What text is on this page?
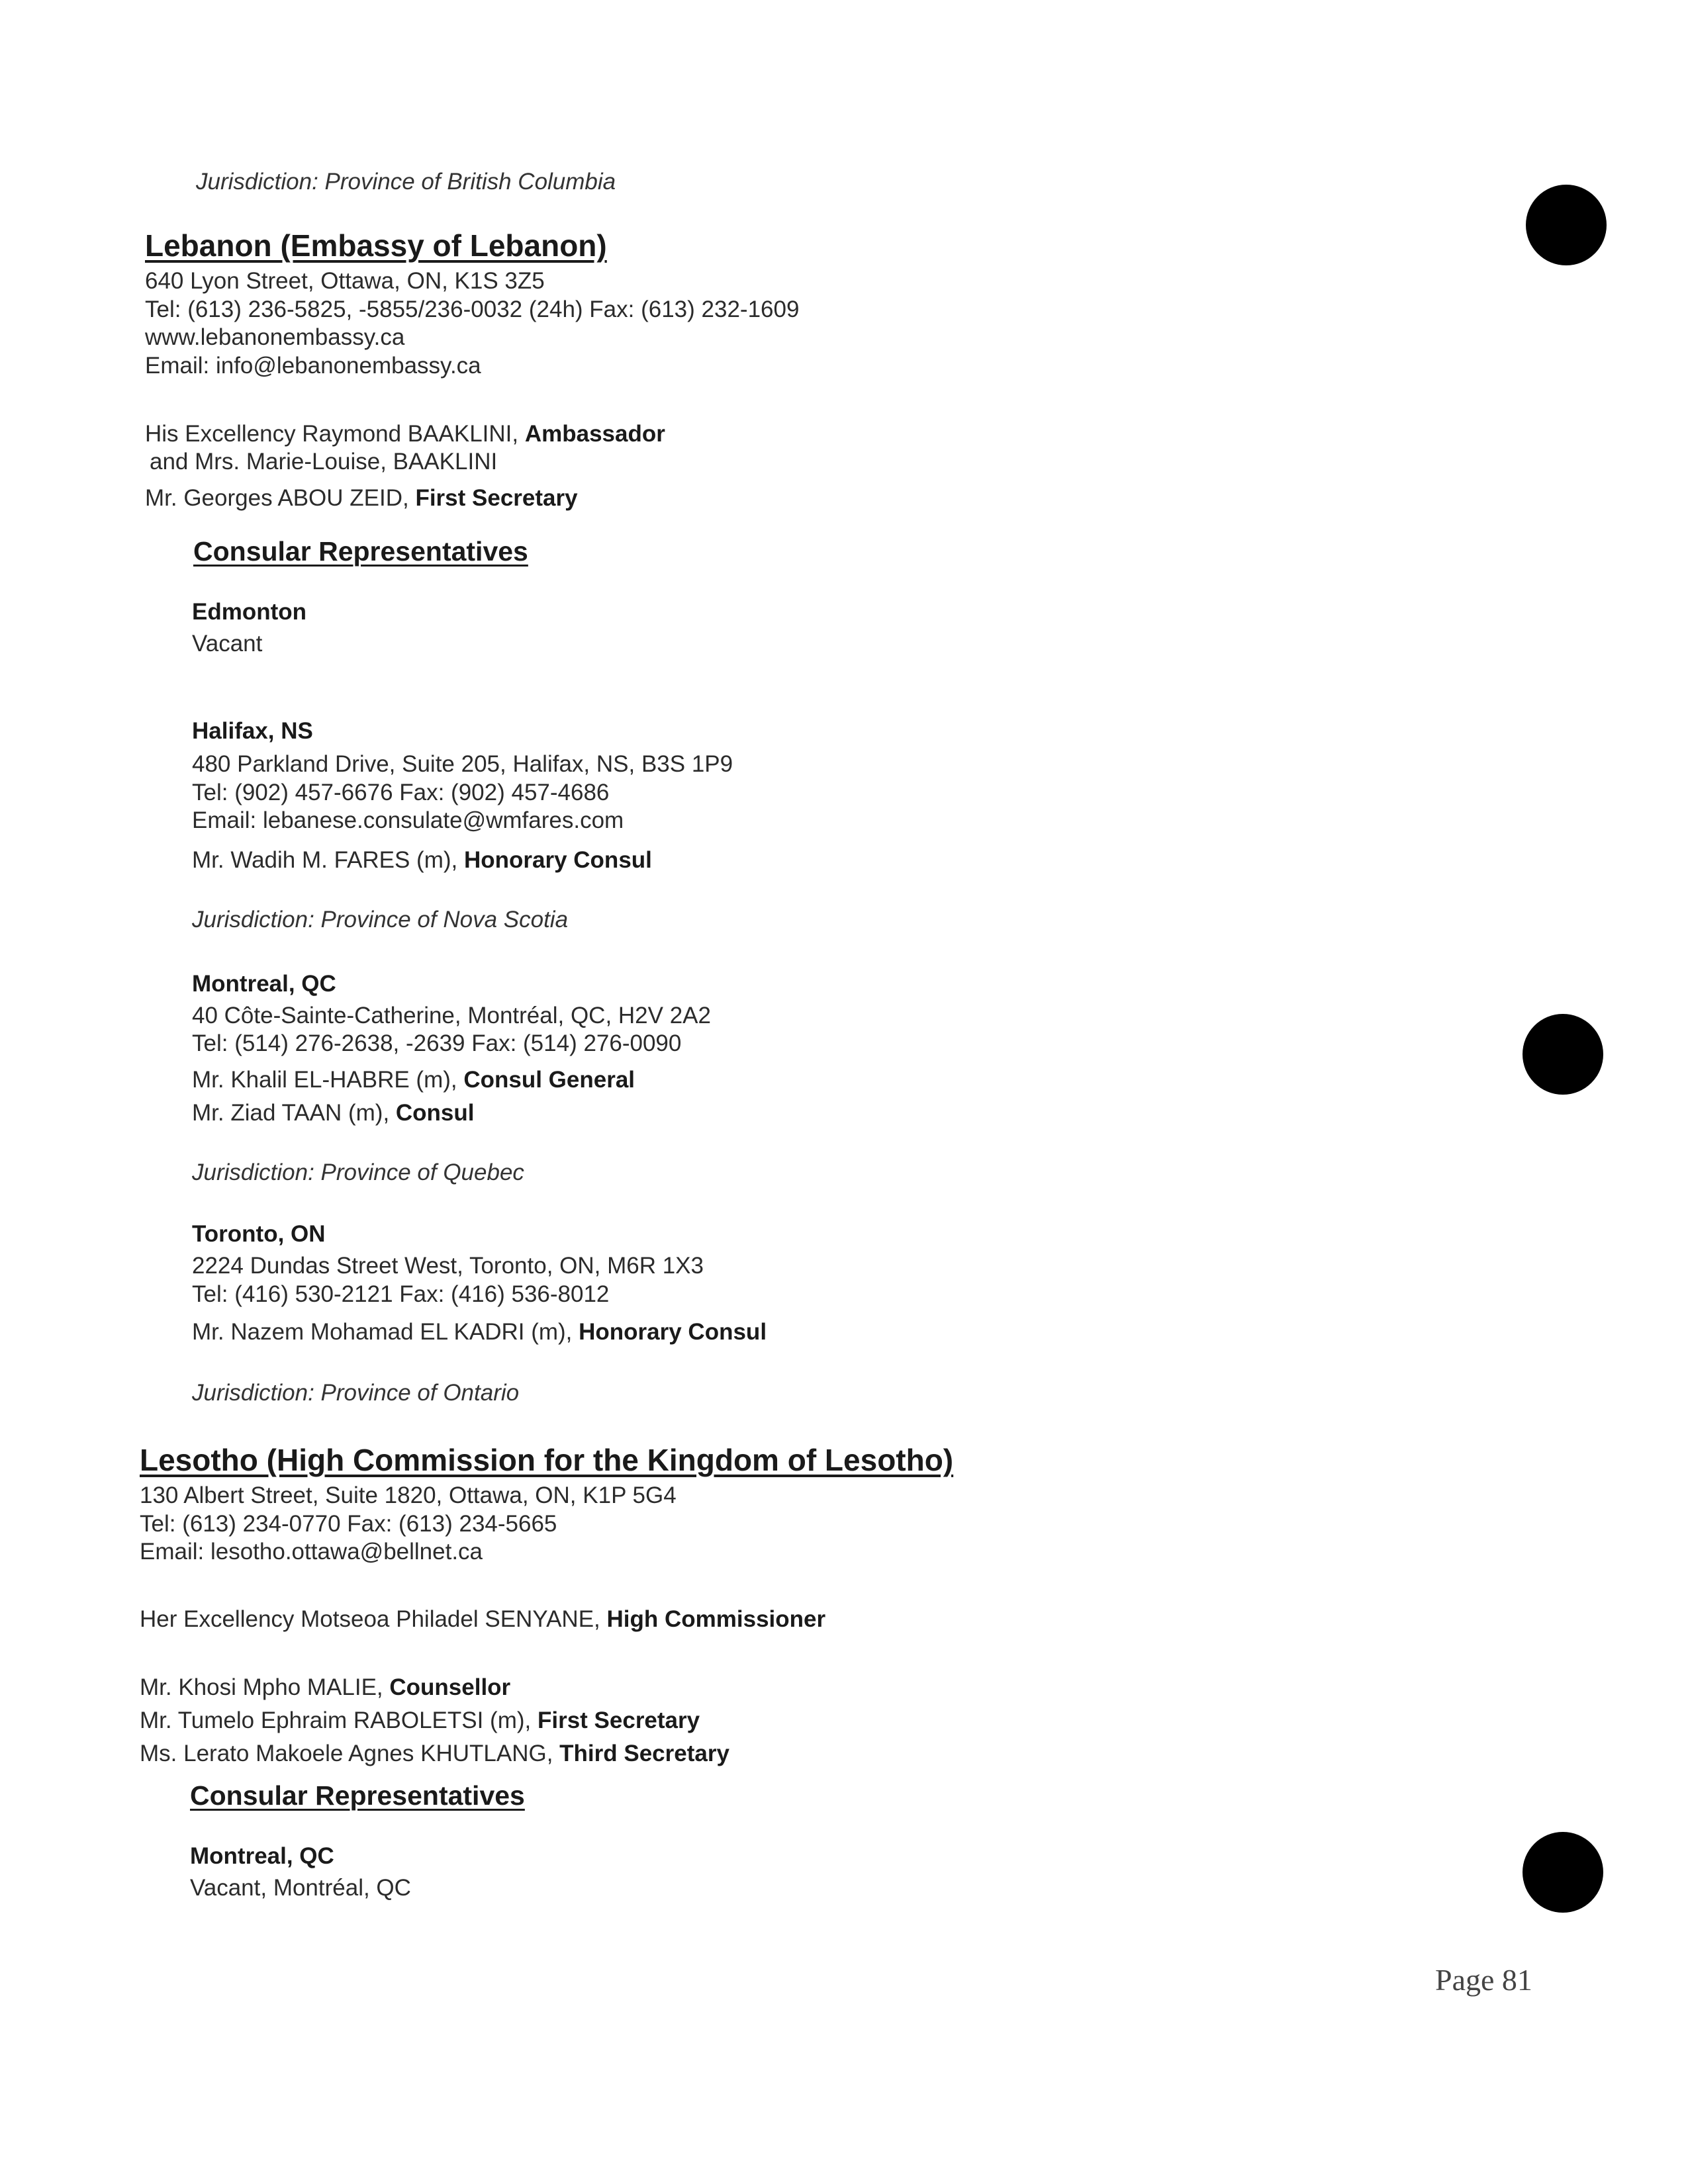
Jurisdiction: Province of British Columbia

Lebanon (Embassy of Lebanon)

640 Lyon Street, Ottawa, ON, K1S 3Z5

Tel: (613) 236-5825, -5855/236-0032 (24h) Fax: (613) 232-1609

www.lebanonembassy.ca

Email: info@lebanonembassy.ca

His Excellency Raymond BAAKLINI, Ambassador

and Mrs. Marie-Louise, BAAKLINI

Mr. Georges ABOU ZEID, First Secretary

Consular Representatives

Edmonton

Vacant

Halifax, NS

480 Parkland Drive, Suite 205, Halifax, NS, B3S 1P9

Tel: (902) 457-6676 Fax: (902) 457-4686

Email: lebanese.consulate@wmfares.com

Mr. Wadih M. FARES (m), Honorary Consul

Jurisdiction: Province of Nova Scotia

Montreal, QC

40 Côte-Sainte-Catherine, Montréal, QC, H2V 2A2

Tel: (514) 276-2638, -2639 Fax: (514) 276-0090

Mr. Khalil EL-HABRE (m), Consul General

Mr. Ziad TAAN (m), Consul

Jurisdiction: Province of Quebec

Toronto, ON

2224 Dundas Street West, Toronto, ON, M6R 1X3

Tel: (416) 530-2121 Fax: (416) 536-8012

Mr. Nazem Mohamad EL KADRI (m), Honorary Consul

Jurisdiction: Province of Ontario

Lesotho (High Commission for the Kingdom of Lesotho)

130 Albert Street, Suite 1820, Ottawa, ON, K1P 5G4

Tel: (613) 234-0770 Fax: (613) 234-5665

Email: lesotho.ottawa@bellnet.ca

Her Excellency Motseoa Philadel SENYANE, High Commissioner

Mr. Khosi Mpho MALIE, Counsellor

Mr. Tumelo Ephraim RABOLETSI (m), First Secretary

Ms. Lerato Makoele Agnes KHUTLANG, Third Secretary

Consular Representatives

Montreal, QC

Vacant, Montréal, QC

Page 81
